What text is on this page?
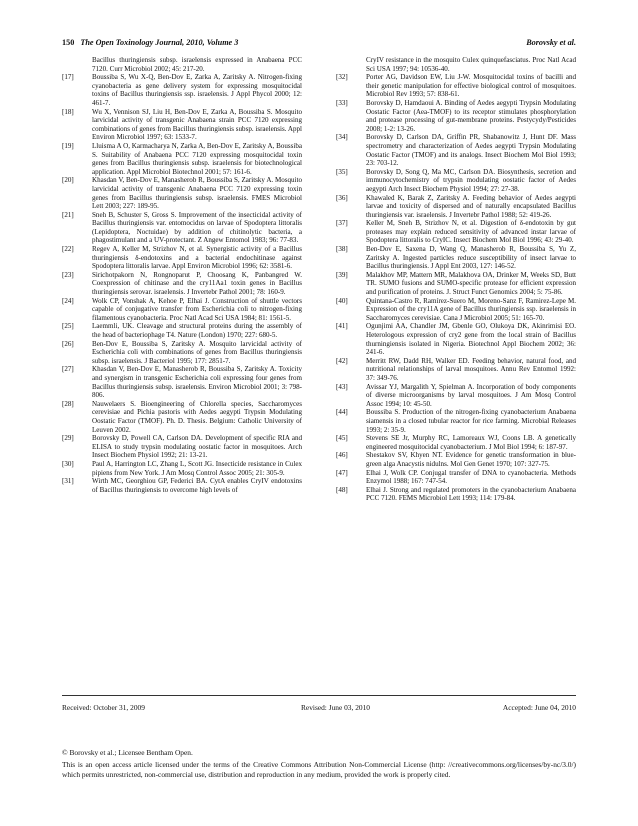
150 The Open Toxinology Journal, 2010, Volume 3	Borovsky et al.
Bacillus thuringiensis subsp. israelensis expressed in Anabaena PCC 7120. Curr Microbiol 2002; 45: 217-20.
[17]	Boussiba S, Wu X-Q, Ben-Dov E, Zarka A, Zaritsky A. Nitrogen-fixing cyanobacteria as gene delivery system for expressing mosquitocidal toxins of Bacillus thuringiensis ssp. israelensis. J Appl Phycol 2000; 12: 461-7.
[18]	Wu X, Vennison SJ, Liu H, Ben-Dov E, Zarka A, Boussiba S. Mosquito larvicidal activity of transgenic Anabaena strain PCC 7120 expressing combinations of genes from Bacillus thuringiensis subsp. israelensis. Appl Environ Microbiol 1997; 63: 1533-7.
[19]	Lluisma A O, Karmacharya N, Zarka A, Ben-Dov E, Zaritsky A, Boussiba S. Suitability of Anabaena PCC 7120 expressing mosquitocidal toxin genes from Bacillus thuringiensis subsp. israelensis for biotechnological application. Appl Microbiol Biotechnol 2001; 57: 161-6.
[20]	Khasdan V, Ben-Dov E, Manasherob R, Boussiba S, Zaritsky A. Mosquito larvicidal activity of transgenic Anabaena PCC 7120 expressing toxin genes from Bacillus thuringiensis subsp. israelensis. FMES Microbiol Lett 2003; 227: 189-95.
[21]	Sneh B, Schuster S, Gross S. Improvement of the insecticidal activity of Bacillus thuringiensis var. entomocidus on larvae of Spodoptera littoralis (Lepidoptera, Noctuidae) by addition of chitinolytic bacteria, a phagostimulant and a UV-protectant. Z Angew Entomol 1983; 96: 77-83.
[22]	Regev A, Keller M, Strizhov N, et al. Synergistic activity of a Bacillus thuringiensis δ-endotoxins and a bacterial endochitinase against Spodoptera littoralis larvae. Appl Environ Microbiol 1996; 62: 3581-6.
[23]	Sirichotpakorn N, Rongnoparut P, Choosang K, Panbangred W. Coexpression of chitinase and the cry11Aa1 toxin genes in Bacillus thuringiensis serovar. israelensis. J Invertebr Pathol 2001; 78: 160-9.
[24]	Wolk CP, Vonshak A, Kehoe P, Elhai J. Construction of shuttle vectors capable of conjugative transfer from Escherichia coli to nitrogen-fixing filamentous cyanobacteria. Proc Natl Acad Sci USA 1984; 81: 1561-5.
[25]	Laemmli, UK. Cleavage and structural proteins during the assembly of the head of bacteriophage T4. Nature (London) 1970; 227: 680-5.
[26]	Ben-Dov E, Boussiba S, Zaritsky A. Mosquito larvicidal activity of Escherichia coli with combinations of genes from Bacillus thuringiensis subsp. israelensis. J Bacteriol 1995; 177: 2851-7.
[27]	Khasdan V, Ben-Dov E, Manasherob R, Boussiba S, Zaritsky A. Toxicity and synergism in transgenic Escherichia coli expressing four genes from Bacillus thuringiensis subsp. israelensis. Environ Microbiol 2001; 3: 798-806.
[28]	Nauwelaers S. Bioengineering of Chlorella species, Saccharomyces cerevisiae and Pichia pastoris with Aedes aegypti Trypsin Modulating Oostatic Factor (TMOF). Ph. D. Thesis. Belgium: Catholic University of Leuven 2002.
[29]	Borovsky D, Powell CA, Carlson DA. Development of specific RIA and ELISA to study trypsin modulating oostatic factor in mosquitoes. Arch Insect Biochem Physiol 1992; 21: 13-21.
[30]	Paul A, Harrington LC, Zhang L, Scott JG. Insecticide resistance in Culex pipiens from New York. J Am Mosq Control Assoc 2005; 21: 305-9.
[31]	Wirth MC, Georghiou GP, Federici BA. CytA enables CryIV endotoxins of Bacillus thuringiensis to overcome high levels of
CryIV resistance in the mosquito Culex quinquefasciatus. Proc Natl Acad Sci USA 1997; 94: 10536-40.
[32]	Porter AG, Davidson EW, Liu J-W. Mosquitocidal toxins of bacilli and their genetic manipulation for effective biological control of mosquitoes. Microbiol Rev 1993; 57: 838-61.
[33]	Borovsky D, Hamdaoui A. Binding of Aedes aegypti Trypsin Modulating Oostatic Factor (Aea-TMOF) to its receptor stimulates phosphorylation and protease processing of gut-membrane proteins. Pestycydy/Pesticides 2008; 1-2: 13-26.
[34]	Borovsky D, Carlson DA, Griffin PR, Shabanowitz J, Hunt DF. Mass spectrometry and characterization of Aedes aegypti Trypsin Modulating Oostatic Factor (TMOF) and its analogs. Insect Biochem Mol Biol 1993; 23: 703-12.
[35]	Borovsky D, Song Q, Ma MC, Carlson DA. Biosynthesis, secretion and immunocytochemistry of trypsin modulating oostatic factor of Aedes aegypti Arch Insect Biochem Physiol 1994; 27: 27-38.
[36]	Khawaled K, Barak Z, Zaritsky A. Feeding behavior of Aedes aegypti larvae and toxicity of dispersed and of naturally encapsulated Bacillus thuringiensis var. israelensis. J Invertebr Pathol 1988; 52: 419-26.
[37]	Keller M, Sneh B, Strizhov N, et al. Digestion of δ-endotoxin by gut proteases may explain reduced sensitivity of advanced instar larvae of Spodoptera littoralis to CryIC. Insect Biochem Mol Biol 1996; 43: 29-40.
[38]	Ben-Dov E, Saxena D, Wang Q, Manasherob R, Boussiba S, Yu Z, Zaritsky A. Ingested particles reduce susceptibility of insect larvae to Bacillus thuringiensis. J Appl Ent 2003, 127: 146-52.
[39]	Malakhov MP, Mattern MR, Malakhova OA, Drinker M, Weeks SD, Butt TR. SUMO fusions and SUMO-specific protease for efficient expression and purification of proteins. J. Struct Funct Genomics 2004; 5: 75-86.
[40]	Quintana-Castro R, Ramírez-Suero M, Moreno-Sanz F, Ramirez-Lepe M. Expression of the cry11A gene of Bacillus thuringiensis ssp. israelensis in Saccharomyces cerevisiae. Cana J Microbiol 2005; 51: 165-70.
[41]	Ogunjimi AA, Chandler JM, Gbenle GO, Olukoya DK, Akinrimisi EO. Heterologous expression of cry2 gene from the local strain of Bacillus thurningiensis isolated in Nigeria. Biotechnol Appl Biochem 2002; 36: 241-6.
[42]	Merritt RW, Dadd RH, Walker ED. Feeding behavior, natural food, and nutritional relationships of larval mosquitoes. Annu Rev Entomol 1992: 37: 349-76.
[43]	Avissar YJ, Margalith Y, Spielman A. Incorporation of body components of diverse microorganisms by larval mosquitoes. J Am Mosq Control Assoc 1994; 10: 45-50.
[44]	Boussiba S. Production of the nitrogen-fixing cyanobacterium Anabaena siamensis in a closed tubular reactor for rice farming. Microbial Releases 1993; 2: 35-9.
[45]	Stevens SE Jr, Murphy RC, Lamoreaux WJ, Coons LB. A genetically engineered mosquitocidal cyanobacterium. J Mol Biol 1994; 6: 187-97.
[46]	Shestakov SV, Khyen NT. Evidence for genetic transformation in blue-green alga Anacystis nidulns. Mol Gen Genet 1970; 107: 327-75.
[47]	Elhai J, Wolk CP. Conjugal transfer of DNA to cyanobacteria. Methods Enzymol 1988; 167: 747-54.
[48]	Elhai J. Strong and regulated promoters in the cyanobacterium Anabaena PCC 7120. FEMS Microbiol Lett 1993; 114: 179-84.
Received: October 31, 2009	Revised: June 03, 2010	Accepted: June 04, 2010
© Borovsky et al.; Licensee Bentham Open.
This is an open access article licensed under the terms of the Creative Commons Attribution Non-Commercial License (http: //creativecommons.org/licenses/by-nc/3.0/) which permits unrestricted, non-commercial use, distribution and reproduction in any medium, provided the work is properly cited.
